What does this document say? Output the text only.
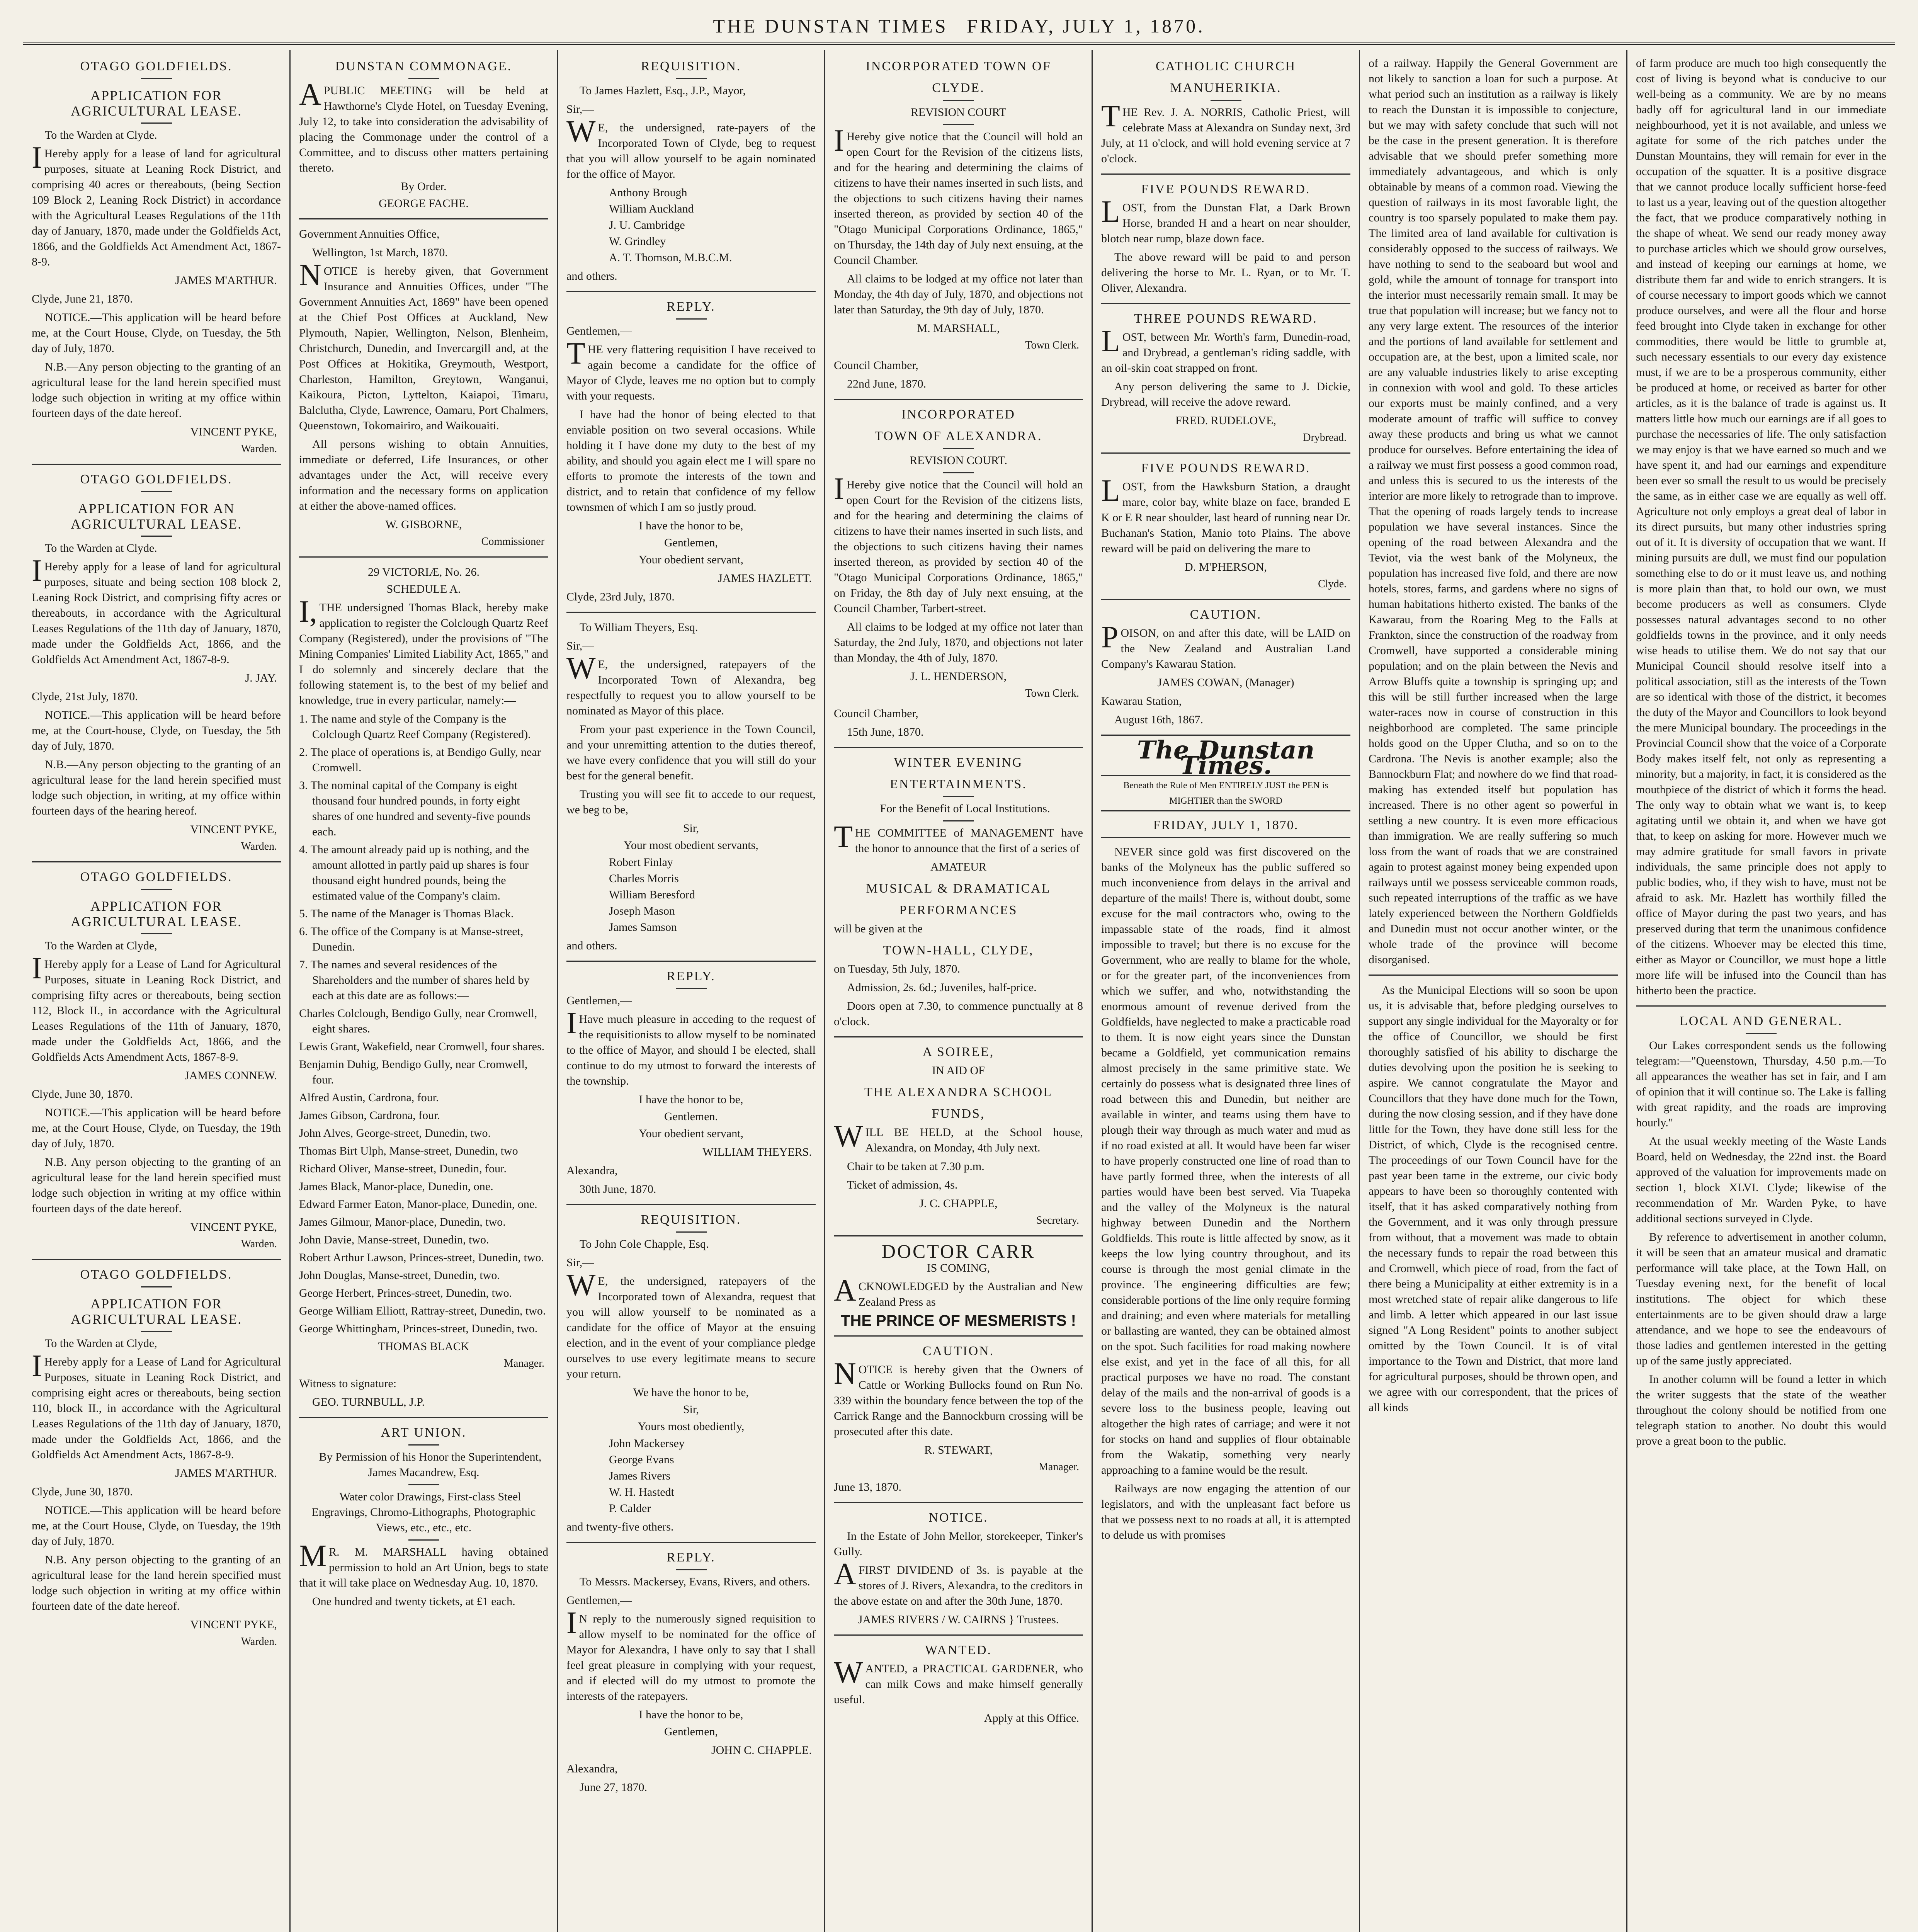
THE DUNSTAN TIMES FRIDAY, JULY 1, 1870.
OTAGO GOLDFIELDS.
APPLICATION FOR AGRICULTURAL LEASE.

To the Warden at Clyde.

IHereby apply for a lease of land for agricultural purposes, situate at Leaning Rock District, and comprising 40 acres or thereabouts, (being Section 109 Block 2, Leaning Rock District) in accordance with the Agricultural Leases Regulations of the 11th day of January, 1870, made under the Goldfields Act, 1866, and the Goldfields Act Amendment Act, 1867-8-9.

JAMES M'ARTHUR.

Clyde, June 21, 1870.

NOTICE.—This application will be heard before me, at the Court House, Clyde, on Tuesday, the 5th day of July, 1870.

N.B.—Any person objecting to the granting of an agricultural lease for the land herein specified must lodge such objection in writing at my office within fourteen days of the date hereof.

VINCENT PYKE,
Warden.
OTAGO GOLDFIELDS.
APPLICATION FOR AN AGRICULTURAL LEASE.

To the Warden at Clyde.

IHereby apply for a lease of land for agricultural purposes, situate and being section 108 block 2, Leaning Rock District, and comprising fifty acres or thereabouts, in accordance with the Agricultural Leases Regulations of the 11th day of January, 1870, made under the Goldfields Act, 1866, and the Goldfields Act Amendment Act, 1867-8-9.

J. JAY.

Clyde, 21st July, 1870.

NOTICE.—This application will be heard before me, at the Court-house, Clyde, on Tuesday, the 5th day of July, 1870.

N.B.—Any person objecting to the granting of an agricultural lease for the land herein specified must lodge such objection, in writing, at my office within fourteen days of the hearing hereof.

VINCENT PYKE,
Warden.
OTAGO GOLDFIELDS.
APPLICATION FOR AGRICULTURAL LEASE.

To the Warden at Clyde,

IHereby apply for a Lease of Land for Agricultural Purposes, situate in Leaning Rock District, and comprising fifty acres or thereabouts, being section 112, Block II., in accordance with the Agricultural Leases Regulations of the 11th of January, 1870, made under the Goldfields Act, 1866, and the Goldfields Acts Amendment Acts, 1867-8-9.

JAMES CONNEW.

Clyde, June 30, 1870.

NOTICE.—This application will be heard before me, at the Court House, Clyde, on Tuesday, the 19th day of July, 1870.

N.B. Any person objecting to the granting of an agricultural lease for the land herein specified must lodge such objection in writing at my office within fourteen days of the date hereof.

VINCENT PYKE,
Warden.
OTAGO GOLDFIELDS.
APPLICATION FOR AGRICULTURAL LEASE.

To the Warden at Clyde,

IHereby apply for a Lease of Land for Agricultural Purposes, situate in Leaning Rock District, and comprising eight acres or thereabouts, being section 110, block II., in accordance with the Agricultural Leases Regulations of the 11th day of January, 1870, made under the Goldfields Act, 1866, and the Goldfields Act Amendment Acts, 1867-8-9.

JAMES M'ARTHUR.

Clyde, June 30, 1870.

NOTICE.—This application will be heard before me, at the Court House, Clyde, on Tuesday, the 19th day of July, 1870.

N.B. Any person objecting to the granting of an agricultural lease for the land herein specified must lodge such objection in writing at my office within fourteen date of the date hereof.

VINCENT PYKE,
Warden.
DUNSTAN COMMONAGE.

APUBLIC MEETING will be held at Hawthorne's Clyde Hotel, on Tuesday Evening, July 12, to take into consideration the advisability of placing the Commonage under the control of a Committee, and to discuss other matters pertaining thereto.

By Order.
GEORGE FACHE.

Government Annuities Office,

Wellington, 1st March, 1870.

NOTICE is hereby given, that Government Insurance and Annuities Offices, under "The Government Annuities Act, 1869" have been opened at the Chief Post Offices at Auckland, New Plymouth, Napier, Wellington, Nelson, Blenheim, Christchurch, Dunedin, and Invercargill and, at the Post Offices at Hokitika, Greymouth, Westport, Charleston, Hamilton, Greytown, Wanganui, Kaikoura, Picton, Lyttelton, Kaiapoi, Timaru, Balclutha, Clyde, Lawrence, Oamaru, Port Chalmers, Queenstown, Tokomairiro, and Waikouaiti.

All persons wishing to obtain Annuities, immediate or deferred, Life Insurances, or other advantages under the Act, will receive every information and the necessary forms on application at either the above-named offices.

W. GISBORNE,
Commissioner
29 VICTORIÆ, No. 26.
SCHEDULE A.

I,THE undersigned Thomas Black, hereby make application to register the Colclough Quartz Reef Company (Registered), under the provisions of "The Mining Companies' Limited Liability Act, 1865," and I do solemnly and sincerely declare that the following statement is, to the best of my belief and knowledge, true in every particular, namely:—

1. The name and style of the Company is the Colclough Quartz Reef Company (Registered).
2. The place of operations is, at Bendigo Gully, near Cromwell.
3. The nominal capital of the Company is eight thousand four hundred pounds, in forty eight shares of one hundred and seventy-five pounds each.
4. The amount already paid up is nothing, and the amount allotted in partly paid up shares is four thousand eight hundred pounds, being the estimated value of the Company's claim.
5. The name of the Manager is Thomas Black.
6. The office of the Company is at Manse-street, Dunedin.
7. The names and several residences of the Shareholders and the number of shares held by each at this date are as follows:—
Charles Colclough, Bendigo Gully, near Cromwell, eight shares.
Lewis Grant, Wakefield, near Cromwell, four shares.
Benjamin Duhig, Bendigo Gully, near Cromwell, four.
Alfred Austin, Cardrona, four.
James Gibson, Cardrona, four.
John Alves, George-street, Dunedin, two.
Thomas Birt Ulph, Manse-street, Dunedin, two
Richard Oliver, Manse-street, Dunedin, four.
James Black, Manor-place, Dunedin, one.
Edward Farmer Eaton, Manor-place, Dunedin, one.
James Gilmour, Manor-place, Dunedin, two.
John Davie, Manse-street, Dunedin, two.
Robert Arthur Lawson, Princes-street, Dunedin, two.
John Douglas, Manse-street, Dunedin, two.
George Herbert, Princes-street, Dunedin, two.
George William Elliott, Rattray-street, Dunedin, two.
George Whittingham, Princes-street, Dunedin, two.
THOMAS BLACK
Manager.

Witness to signature:

GEO. TURNBULL, J.P.

ART UNION.

By Permission of his Honor the Superintendent, James Macandrew, Esq.

Water color Drawings, First-class Steel Engravings, Chromo-Lithographs, Photographic Views, etc., etc., etc.

MR. M. MARSHALL having obtained permission to hold an Art Union, begs to state that it will take place on Wednesday Aug. 10, 1870.

One hundred and twenty tickets, at £1 each.

REQUISITION.

To James Hazlett, Esq., J.P., Mayor,

Sir,—

WE, the undersigned, rate-payers of the Incorporated Town of Clyde, beg to request that you will allow yourself to be again nominated for the office of Mayor.

Anthony Brough
William Auckland
J. U. Cambridge
W. Grindley
A. T. Thomson, M.B.C.M.

and others.

REPLY.

Gentlemen,—

THE very flattering requisition I have received to again become a candidate for the office of Mayor of Clyde, leaves me no option but to comply with your requests.

I have had the honor of being elected to that enviable position on two several occasions. While holding it I have done my duty to the best of my ability, and should you again elect me I will spare no efforts to promote the interests of the town and district, and to retain that confidence of my fellow townsmen of which I am so justly proud.

I have the honor to be,
Gentlemen,
Your obedient servant,
JAMES HAZLETT.

Clyde, 23rd July, 1870.

To William Theyers, Esq.

Sir,—

WE, the undersigned, ratepayers of the Incorporated Town of Alexandra, beg respectfully to request you to allow yourself to be nominated as Mayor of this place.

From your past experience in the Town Council, and your unremitting attention to the duties thereof, we have every confidence that you will still do your best for the general benefit.

Trusting you will see fit to accede to our request, we beg to be,

Sir,
Your most obedient servants,
Robert Finlay
Charles Morris
William Beresford
Joseph Mason
James Samson

and others.

REPLY.

Gentlemen,—

IHave much pleasure in acceding to the request of the requisitionists to allow myself to be nominated to the office of Mayor, and should I be elected, shall continue to do my utmost to forward the interests of the township.

I have the honor to be,
Gentlemen.
Your obedient servant,
WILLIAM THEYERS.

Alexandra,

30th June, 1870.

REQUISITION.

To John Cole Chapple, Esq.

Sir,—

WE, the undersigned, ratepayers of the Incorporated town of Alexandra, request that you will allow yourself to be nominated as a candidate for the office of Mayor at the ensuing election, and in the event of your compliance pledge ourselves to use every legitimate means to secure your return.

We have the honor to be,
Sir,
Yours most obediently,
John Mackersey
George Evans
James Rivers
W. H. Hastedt
P. Calder

and twenty-five others.

REPLY.

To Messrs. Mackersey, Evans, Rivers, and others.

Gentlemen,—

IN reply to the numerously signed requisition to allow myself to be nominated for the office of Mayor for Alexandra, I have only to say that I shall feel great pleasure in complying with your request, and if elected will do my utmost to promote the interests of the ratepayers.

I have the honor to be,
Gentlemen,
JOHN C. CHAPPLE.

Alexandra,

June 27, 1870.

INCORPORATED TOWN OF
CLYDE.
REVISION COURT

IHereby give notice that the Council will hold an open Court for the Revision of the citizens lists, and for the hearing and determining the claims of citizens to have their names inserted in such lists, and the objections to such citizens having their names inserted thereon, as provided by section 40 of the "Otago Municipal Corporations Ordinance, 1865," on Thursday, the 14th day of July next ensuing, at the Council Chamber.

All claims to be lodged at my office not later than Monday, the 4th day of July, 1870, and objections not later than Saturday, the 9th day of July, 1870.

M. MARSHALL,
Town Clerk.

Council Chamber,

22nd June, 1870.

INCORPORATED
TOWN OF ALEXANDRA.
REVISION COURT.

IHereby give notice that the Council will hold an open Court for the Revision of the citizens lists, and for the hearing and determining the claims of citizens to have their names inserted in such lists, and the objections to such citizens having their names inserted thereon, as provided by section 40 of the "Otago Municipal Corporations Ordinance, 1865," on Friday, the 8th day of July next ensuing, at the Council Chamber, Tarbert-street.

All claims to be lodged at my office not later than Saturday, the 2nd July, 1870, and objections not later than Monday, the 4th of July, 1870.

J. L. HENDERSON,
Town Clerk.

Council Chamber,

15th June, 1870.

WINTER EVENING
ENTERTAINMENTS.

For the Benefit of Local Institutions.

THE COMMITTEE of MANAGEMENT have the honor to announce that the first of a series of

AMATEUR
MUSICAL & DRAMATICAL
PERFORMANCES

will be given at the

TOWN-HALL, CLYDE,

on Tuesday, 5th July, 1870.

Admission, 2s. 6d.; Juveniles, half-price.

Doors open at 7.30, to commence punctually at 8 o'clock.

A SOIREE,
IN AID OF
THE ALEXANDRA SCHOOL
FUNDS,

WILL BE HELD, at the School house, Alexandra, on Monday, 4th July next.

Chair to be taken at 7.30 p.m.

Ticket of admission, 4s.

J. C. CHAPPLE,
Secretary.
DOCTOR CARR
IS COMING,

ACKNOWLEDGED by the Australian and New Zealand Press as

THE PRINCE OF MESMERISTS !
CAUTION.

NOTICE is hereby given that the Owners of Cattle or Working Bullocks found on Run No. 339 within the boundary fence between the top of the Carrick Range and the Bannockburn crossing will be prosecuted after this date.

R. STEWART,
Manager.

June 13, 1870.

NOTICE.

In the Estate of John Mellor, storekeeper, Tinker's Gully.

AFIRST DIVIDEND of 3s. is payable at the stores of J. Rivers, Alexandra, to the creditors in the above estate on and after the 30th June, 1870.

JAMES RIVERS / W. CAIRNS } Trustees.
WANTED.

WANTED, a PRACTICAL GARDENER, who can milk Cows and make himself generally useful.

Apply at this Office.
CATHOLIC CHURCH
MANUHERIKIA.

THE Rev. J. A. NORRIS, Catholic Priest, will celebrate Mass at Alexandra on Sunday next, 3rd July, at 11 o'clock, and will hold evening service at 7 o'clock.

FIVE POUNDS REWARD.

LOST, from the Dunstan Flat, a Dark Brown Horse, branded H and a heart on near shoulder, blotch near rump, blaze down face.

The above reward will be paid to and person delivering the horse to Mr. L. Ryan, or to Mr. T. Oliver, Alexandra.

THREE POUNDS REWARD.

LOST, between Mr. Worth's farm, Dunedin-road, and Drybread, a gentleman's riding saddle, with an oil-skin coat strapped on front.

Any person delivering the same to J. Dickie, Drybread, will receive the adove reward.

FRED. RUDELOVE,
Drybread.
FIVE POUNDS REWARD.

LOST, from the Hawksburn Station, a draught mare, color bay, white blaze on face, branded E K or E R near shoulder, last heard of running near Dr. Buchanan's Station, Manio toto Plains. The above reward will be paid on delivering the mare to

D. M'PHERSON,
Clyde.
CAUTION.

POISON, on and after this date, will be LAID on the New Zealand and Australian Land Company's Kawarau Station.

JAMES COWAN, (Manager)

Kawarau Station,

August 16th, 1867.

The Dunstan Times.
Beneath the Rule of Men ENTIRELY JUST the PEN is MIGHTIER than the SWORD
FRIDAY, JULY 1, 1870.

NEVER since gold was first discovered on the banks of the Molyneux has the public suffered so much inconvenience from delays in the arrival and departure of the mails! There is, without doubt, some excuse for the mail contractors who, owing to the impassable state of the roads, find it almost impossible to travel; but there is no excuse for the Government, who are really to blame for the whole, or for the greater part, of the inconveniences from which we suffer, and who, notwithstanding the enormous amount of revenue derived from the Goldfields, have neglected to make a practicable road to them. It is now eight years since the Dunstan became a Goldfield, yet communication remains almost precisely in the same primitive state. We certainly do possess what is designated three lines of road between this and Dunedin, but neither are available in winter, and teams using them have to plough their way through as much water and mud as if no road existed at all. It would have been far wiser to have properly constructed one line of road than to have partly formed three, when the interests of all parties would have been best served. Via Tuapeka and the valley of the Molyneux is the natural highway between Dunedin and the Northern Goldfields. This route is little affected by snow, as it keeps the low lying country throughout, and its course is through the most genial climate in the province. The engineering difficulties are few; considerable portions of the line only require forming and draining; and even where materials for metalling or ballasting are wanted, they can be obtained almost on the spot. Such facilities for road making nowhere else exist, and yet in the face of all this, for all practical purposes we have no road. The constant delay of the mails and the non-arrival of goods is a severe loss to the business people, leaving out altogether the high rates of carriage; and were it not for stocks on hand and supplies of flour obtainable from the Wakatip, something very nearly approaching to a famine would be the result.

Railways are now engaging the attention of our legislators, and with the unpleasant fact before us that we possess next to no roads at all, it is attempted to delude us with promises

of a railway. Happily the General Government are not likely to sanction a loan for such a purpose. At what period such an institution as a railway is likely to reach the Dunstan it is impossible to conjecture, but we may with safety conclude that such will not be the case in the present generation. It is therefore advisable that we should prefer something more immediately advantageous, and which is only obtainable by means of a common road. Viewing the question of railways in its most favorable light, the country is too sparsely populated to make them pay. The limited area of land available for cultivation is considerably opposed to the success of railways. We have nothing to send to the seaboard but wool and gold, while the amount of tonnage for transport into the interior must necessarily remain small. It may be true that population will increase; but we fancy not to any very large extent. The resources of the interior and the portions of land available for settlement and occupation are, at the best, upon a limited scale, nor are any valuable industries likely to arise excepting in connexion with wool and gold. To these articles our exports must be mainly confined, and a very moderate amount of traffic will suffice to convey away these products and bring us what we cannot produce for ourselves. Before entertaining the idea of a railway we must first possess a good common road, and unless this is secured to us the interests of the interior are more likely to retrograde than to improve. That the opening of roads largely tends to increase population we have several instances. Since the opening of the road between Alexandra and the Teviot, via the west bank of the Molyneux, the population has increased five fold, and there are now hotels, stores, farms, and gardens where no signs of human habitations hitherto existed. The banks of the Kawarau, from the Roaring Meg to the Falls at Frankton, since the construction of the roadway from Cromwell, have supported a considerable mining population; and on the plain between the Nevis and Arrow Bluffs quite a township is springing up; and this will be still further increased when the large water-races now in course of construction in this neighborhood are completed. The same principle holds good on the Upper Clutha, and so on to the Cardrona. The Nevis is another example; also the Bannockburn Flat; and nowhere do we find that road-making has extended itself but population has increased. There is no other agent so powerful in settling a new country. It is even more efficacious than immigration. We are really suffering so much loss from the want of roads that we are constrained again to protest against money being expended upon railways until we possess serviceable common roads, such repeated interruptions of the traffic as we have lately experienced between the Northern Goldfields and Dunedin must not occur another winter, or the whole trade of the province will become disorganised.

As the Municipal Elections will so soon be upon us, it is advisable that, before pledging ourselves to support any single individual for the Mayoralty or for the office of Councillor, we should be first thoroughly satisfied of his ability to discharge the duties devolving upon the position he is seeking to aspire. We cannot congratulate the Mayor and Councillors that they have done much for the Town, during the now closing session, and if they have done little for the Town, they have done still less for the District, of which, Clyde is the recognised centre. The proceedings of our Town Council have for the past year been tame in the extreme, our civic body appears to have been so thoroughly contented with itself, that it has asked comparatively nothing from the Government, and it was only through pressure from without, that a movement was made to obtain the necessary funds to repair the road between this and Cromwell, which piece of road, from the fact of there being a Municipality at either extremity is in a most wretched state of repair alike dangerous to life and limb. A letter which appeared in our last issue signed "A Long Resident" points to another subject omitted by the Town Council. It is of vital importance to the Town and District, that more land for agricultural purposes, should be thrown open, and we agree with our correspondent, that the prices of all kinds

of farm produce are much too high consequently the cost of living is beyond what is conducive to our well-being as a community. We are by no means badly off for agricultural land in our immediate neighbourhood, yet it is not available, and unless we agitate for some of the rich patches under the Dunstan Mountains, they will remain for ever in the occupation of the squatter. It is a positive disgrace that we cannot produce locally sufficient horse-feed to last us a year, leaving out of the question altogether the fact, that we produce comparatively nothing in the shape of wheat. We send our ready money away to purchase articles which we should grow ourselves, and instead of keeping our earnings at home, we distribute them far and wide to enrich strangers. It is of course necessary to import goods which we cannot produce ourselves, and were all the flour and horse feed brought into Clyde taken in exchange for other commodities, there would be little to grumble at, such necessary essentials to our every day existence must, if we are to be a prosperous community, either be produced at home, or received as barter for other articles, as it is the balance of trade is against us. It matters little how much our earnings are if all goes to purchase the necessaries of life. The only satisfaction we may enjoy is that we have earned so much and we have spent it, and had our earnings and expenditure been ever so small the result to us would be precisely the same, as in either case we are equally as well off. Agriculture not only employs a great deal of labor in its direct pursuits, but many other industries spring out of it. It is diversity of occupation that we want. If mining pursuits are dull, we must find our population something else to do or it must leave us, and nothing is more plain than that, to hold our own, we must become producers as well as consumers. Clyde possesses natural advantages second to no other goldfields towns in the province, and it only needs wise heads to utilise them. We do not say that our Municipal Council should resolve itself into a political association, still as the interests of the Town are so identical with those of the district, it becomes the duty of the Mayor and Councillors to look beyond the mere Municipal boundary. The proceedings in the Provincial Council show that the voice of a Corporate Body makes itself felt, not only as representing a minority, but a majority, in fact, it is considered as the mouthpiece of the district of which it forms the head. The only way to obtain what we want is, to keep agitating until we obtain it, and when we have got that, to keep on asking for more. However much we may admire gratitude for small favors in private individuals, the same principle does not apply to public bodies, who, if they wish to have, must not be afraid to ask. Mr. Hazlett has worthily filled the office of Mayor during the past two years, and has preserved during that term the unanimous confidence of the citizens. Whoever may be elected this time, either as Mayor or Councillor, we must hope a little more life will be infused into the Council than has hitherto been the practice.

LOCAL AND GENERAL.

Our Lakes correspondent sends us the following telegram:—"Queenstown, Thursday, 4.50 p.m.—To all appearances the weather has set in fair, and I am of opinion that it will continue so. The Lake is falling with great rapidity, and the roads are improving hourly."

At the usual weekly meeting of the Waste Lands Board, held on Wednesday, the 22nd inst. the Board approved of the valuation for improvements made on section 1, block XLVI. Clyde; likewise of the recommendation of Mr. Warden Pyke, to have additional sections surveyed in Clyde.

By reference to advertisement in another column, it will be seen that an amateur musical and dramatic performance will take place, at the Town Hall, on Tuesday evening next, for the benefit of local institutions. The object for which these entertainments are to be given should draw a large attendance, and we hope to see the endeavours of those ladies and gentlemen interested in the getting up of the same justly appreciated.

In another column will be found a letter in which the writer suggests that the state of the weather throughout the colony should be notified from one telegraph station to another. No doubt this would prove a great boon to the public.
